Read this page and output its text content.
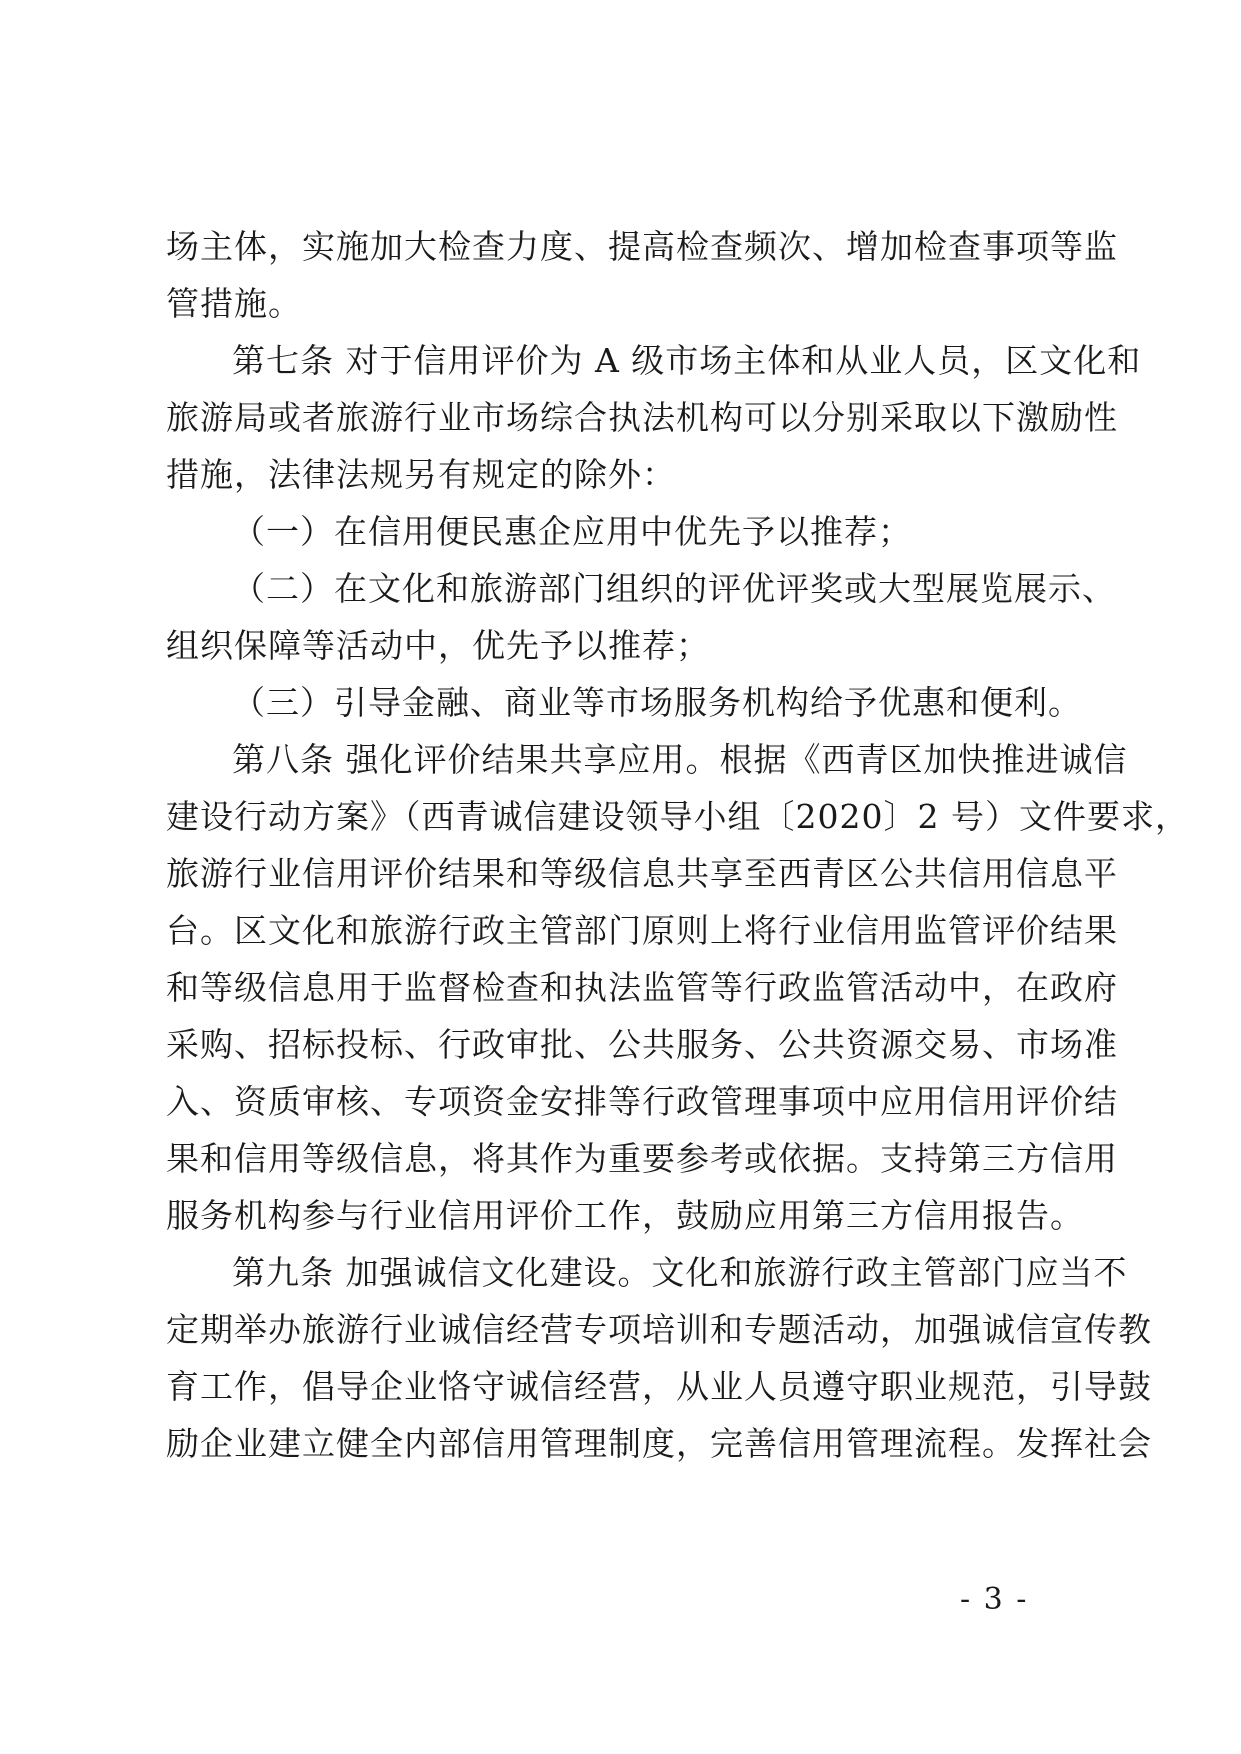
场主体，实施加大检查力度、提高检查频次、增加检查事项等监
管措施。
第七条 对于信用评价为 A 级市场主体和从业人员，区文化和
旅游局或者旅游行业市场综合执法机构可以分别采取以下激励性
措施，法律法规另有规定的除外：
（一）在信用便民惠企应用中优先予以推荐；
（二）在文化和旅游部门组织的评优评奖或大型展览展示、
组织保障等活动中，优先予以推荐；
（三）引导金融、商业等市场服务机构给予优惠和便利。
第八条 强化评价结果共享应用。根据《西青区加快推进诚信
建设行动方案》（西青诚信建设领导小组〔2020〕2 号）文件要求，
旅游行业信用评价结果和等级信息共享至西青区公共信用信息平
台。区文化和旅游行政主管部门原则上将行业信用监管评价结果
和等级信息用于监督检查和执法监管等行政监管活动中，在政府
采购、招标投标、行政审批、公共服务、公共资源交易、市场准
入、资质审核、专项资金安排等行政管理事项中应用信用评价结
果和信用等级信息，将其作为重要参考或依据。支持第三方信用
服务机构参与行业信用评价工作，鼓励应用第三方信用报告。
第九条 加强诚信文化建设。文化和旅游行政主管部门应当不
定期举办旅游行业诚信经营专项培训和专题活动，加强诚信宣传教
育工作，倡导企业恪守诚信经营，从业人员遵守职业规范，引导鼓
励企业建立健全内部信用管理制度，完善信用管理流程。发挥社会
- 3 -
